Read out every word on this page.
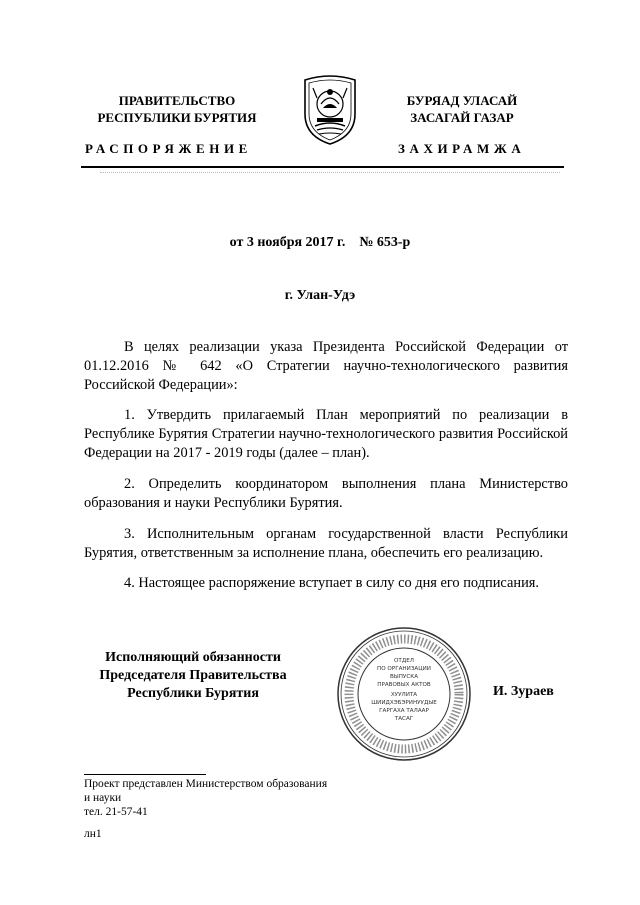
ПРАВИТЕЛЬСТВО
РЕСПУБЛИКИ БУРЯТИЯ
РАСПОРЯЖЕНИЕ
БУРЯАД УЛАСАЙ
ЗАСАГАЙ ГАЗАР
ЗАХИРАМЖА
от 3 ноября 2017 г.    № 653-р
г. Улан-Удэ

В целях реализации указа Президента Российской Федерации от 01.12.2016 № 642 «О Стратегии научно-технологического развития Российской Федерации»:

1. Утвердить прилагаемый План мероприятий по реализации в Республике Бурятия Стратегии научно-технологического развития Российской Федерации на 2017 - 2019 годы (далее – план).

2. Определить координатором выполнения плана Министерство образования и науки Республики Бурятия.

3. Исполнительным органам государственной власти Республики Бурятия, ответственным за исполнение плана, обеспечить его реализацию.

4. Настоящее распоряжение вступает в силу со дня его подписания.

Исполняющий обязанности
Председателя Правительства
Республики Бурятия
ОТДЕЛ
ПО ОРГАНИЗАЦИИ
ВЫПУСКА
ПРАВОВЫХ АКТОВ
ХУУЛИТА
ШИИДХЭБЭРИНУУДЫЕ
ГАРГАХА ТАЛААР
ТАСАГ
И. Зураев
Проект представлен Министерством образования
и науки
тел. 21-57-41
лн1
